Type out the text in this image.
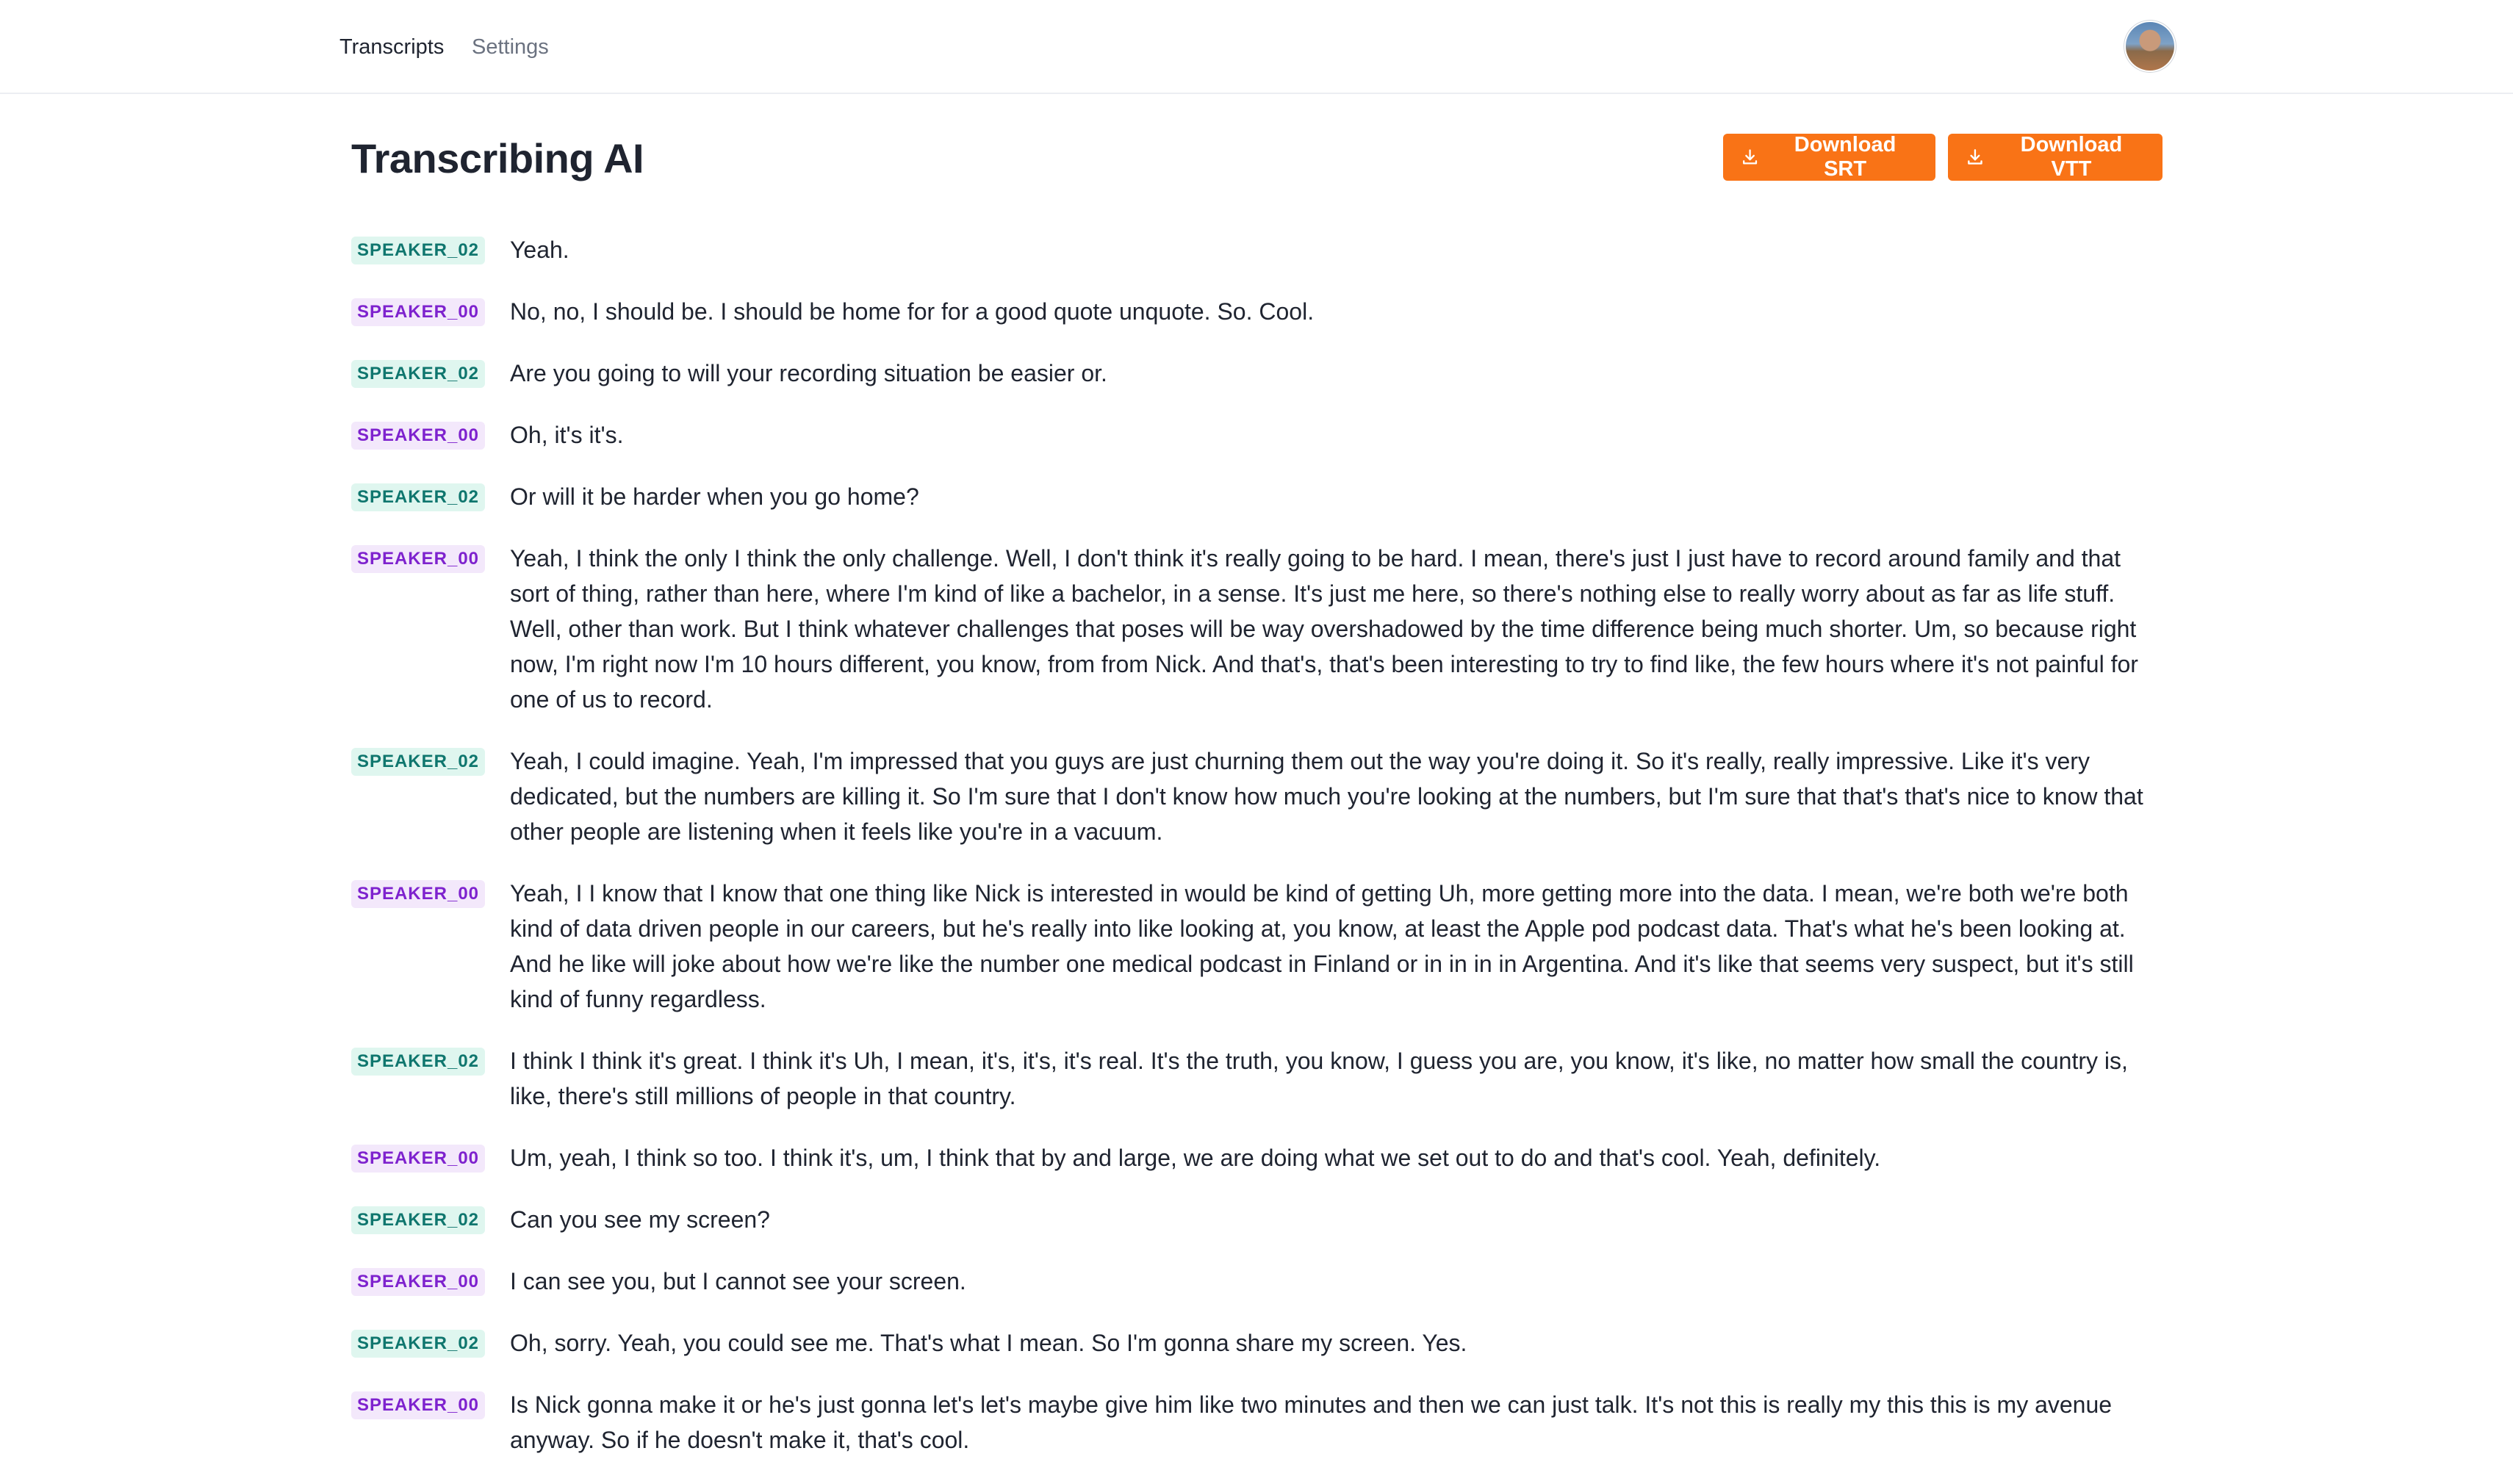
Transcripts Settings
Transcribing AI	Download SRT
Download VTT
SPEAKER_02 Yeah.
SPEAKER_00 No, no, I should be. I should be home for for a good quote unquote. So. Cool.
SPEAKER_02 Are you going to will your recording situation be easier or.
SPEAKER_00 Oh, it's it's.
SPEAKER_02 Or will it be harder when you go home?
SPEAKER_00 Yeah, I think the only I think the only challenge. Well, I don't think it's really going to be hard. I mean, there's just I just have to record around family and that sort of thing, rather than here, where I'm kind of like a bachelor, in a sense. It's just me here, so there's nothing else to really worry about as far as life stuff. Well, other than work. But I think whatever challenges that poses will be way overshadowed by the time difference being much shorter. Um, so because right now, I'm right now I'm 10 hours different, you know, from from Nick. And that's, that's been interesting to try to find like, the few hours where it's not painful for one of us to record.
SPEAKER_02 Yeah, I could imagine. Yeah, I'm impressed that you guys are just churning them out the way you're doing it. So it's really, really impressive. Like it's very dedicated, but the numbers are killing it. So I'm sure that I don't know how much you're looking at the numbers, but I'm sure that that's that's nice to know that other people are listening when it feels like you're in a vacuum.
SPEAKER_00 Yeah, I I know that I know that one thing like Nick is interested in would be kind of getting Uh, more getting more into the data. I mean, we're both we're both kind of data driven people in our careers, but he's really into like looking at, you know, at least the Apple pod podcast data. That's what he's been looking at. And he like will joke about how we're like the number one medical podcast in Finland or in in in in Argentina. And it's like that seems very suspect, but it's still kind of funny regardless.
SPEAKER_02 I think I think it's great. I think it's Uh, I mean, it's, it's, it's real. It's the truth, you know, I guess you are, you know, it's like, no matter how small the country is, like, there's still millions of people in that country.
SPEAKER_00 Um, yeah, I think so too. I think it's, um, I think that by and large, we are doing what we set out to do and that's cool. Yeah, definitely.
SPEAKER_02 Can you see my screen?
SPEAKER_00 I can see you, but I cannot see your screen.
SPEAKER_02 Oh, sorry. Yeah, you could see me. That's what I mean. So I'm gonna share my screen. Yes.
SPEAKER_00 Is Nick gonna make it or he's just gonna let's let's maybe give him like two minutes and then we can just talk. It's not this is really my this this is my avenue anyway. So if he doesn't make it, that's cool.
